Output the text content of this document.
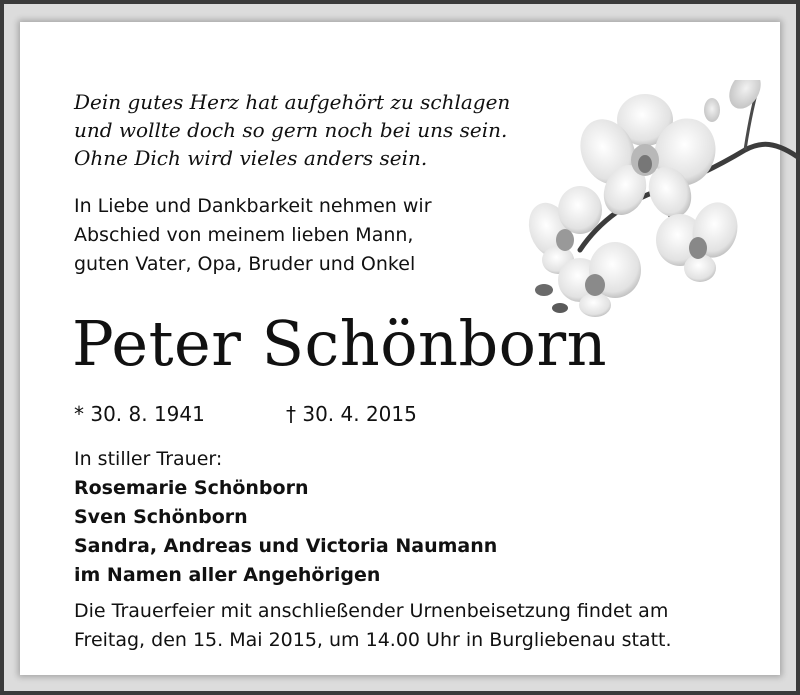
Dein gutes Herz hat aufgehört zu schlagen
und wollte doch so gern noch bei uns sein.
Ohne Dich wird vieles anders sein.
In Liebe und Dankbarkeit nehmen wir
Abschied von meinem lieben Mann,
guten Vater, Opa, Bruder und Onkel
Peter Schönborn
* 30. 8. 1941	† 30. 4. 2015
In stiller Trauer:
Rosemarie Schönborn
Sven Schönborn
Sandra, Andreas und Victoria Naumann
im Namen aller Angehörigen
Die Trauerfeier mit anschließender Urnenbeisetzung findet am
Freitag, den 15. Mai 2015, um 14.00 Uhr in Burgliebenau statt.
